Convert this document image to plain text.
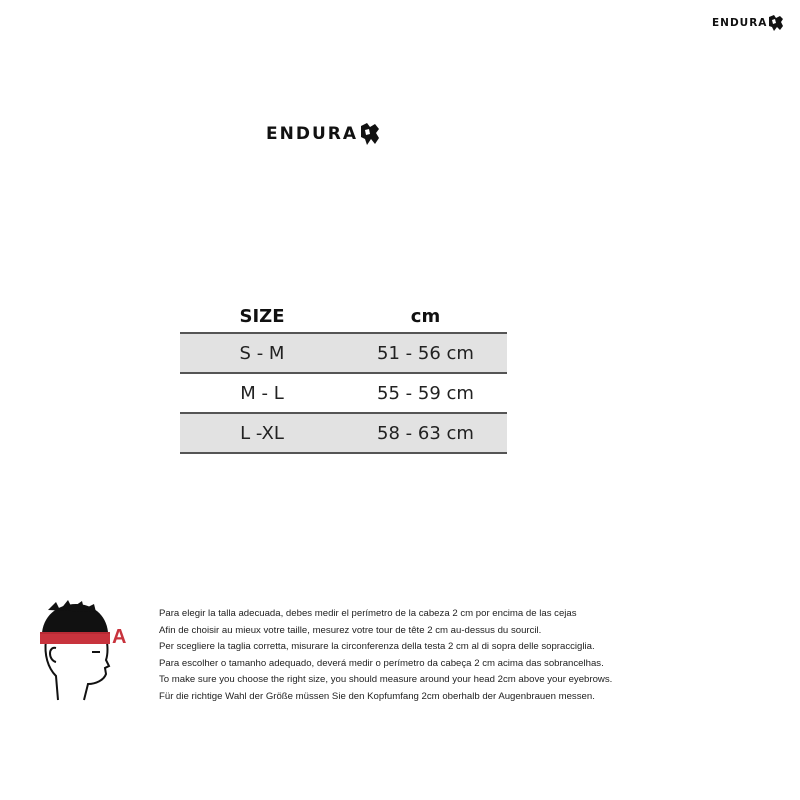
ENDURA
ENDURA
SIZE	cm
S - M	51 - 56 cm
M - L	55 - 59 cm
L -XL	58 - 63 cm
A
Para elegir la talla adecuada, debes medir el perímetro de la cabeza 2 cm por encima de las cejas
Afin de choisir au mieux votre taille, mesurez votre tour de tête 2 cm au-dessus du sourcil.
Per scegliere la taglia corretta, misurare la circonferenza della testa 2 cm al di sopra delle sopracciglia.
Para escolher o tamanho adequado, deverá medir o perímetro da cabeça 2 cm acima das sobrancelhas.
To make sure you choose the right size, you should measure around your head 2cm above your eyebrows.
Für die richtige Wahl der Größe müssen Sie den Kopfumfang 2cm oberhalb der Augenbrauen messen.
